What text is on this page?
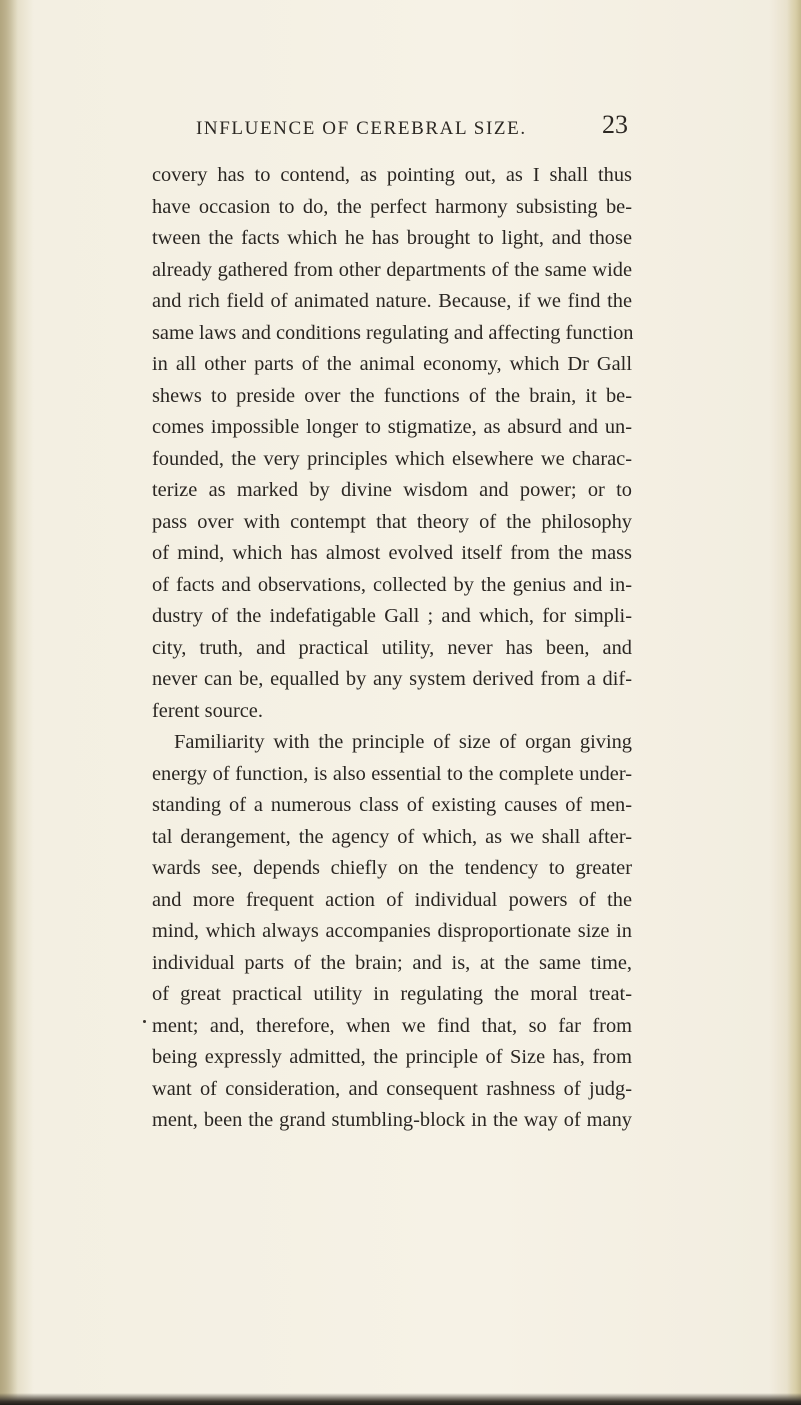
INFLUENCE OF CEREBRAL SIZE.	23
covery has to contend, as pointing out, as I shall thus
have occasion to do, the perfect harmony subsisting be-
tween the facts which he has brought to light, and those
already gathered from other departments of the same wide
and rich field of animated nature. Because, if we find the
same laws and conditions regulating and affecting function
in all other parts of the animal economy, which Dr Gall
shews to preside over the functions of the brain, it be-
comes impossible longer to stigmatize, as absurd and un-
founded, the very principles which elsewhere we charac-
terize as marked by divine wisdom and power; or to
pass over with contempt that theory of the philosophy
of mind, which has almost evolved itself from the mass
of facts and observations, collected by the genius and in-
dustry of the indefatigable Gall ; and which, for simpli-
city, truth, and practical utility, never has been, and
never can be, equalled by any system derived from a dif-
ferent source.
Familiarity with the principle of size of organ giving
energy of function, is also essential to the complete under-
standing of a numerous class of existing causes of men-
tal derangement, the agency of which, as we shall after-
wards see, depends chiefly on the tendency to greater
and more frequent action of individual powers of the
mind, which always accompanies disproportionate size in
individual parts of the brain; and is, at the same time,
of great practical utility in regulating the moral treat-
ment; and, therefore, when we find that, so far from
being expressly admitted, the principle of Size has, from
want of consideration, and consequent rashness of judg-
ment, been the grand stumbling-block in the way of many
